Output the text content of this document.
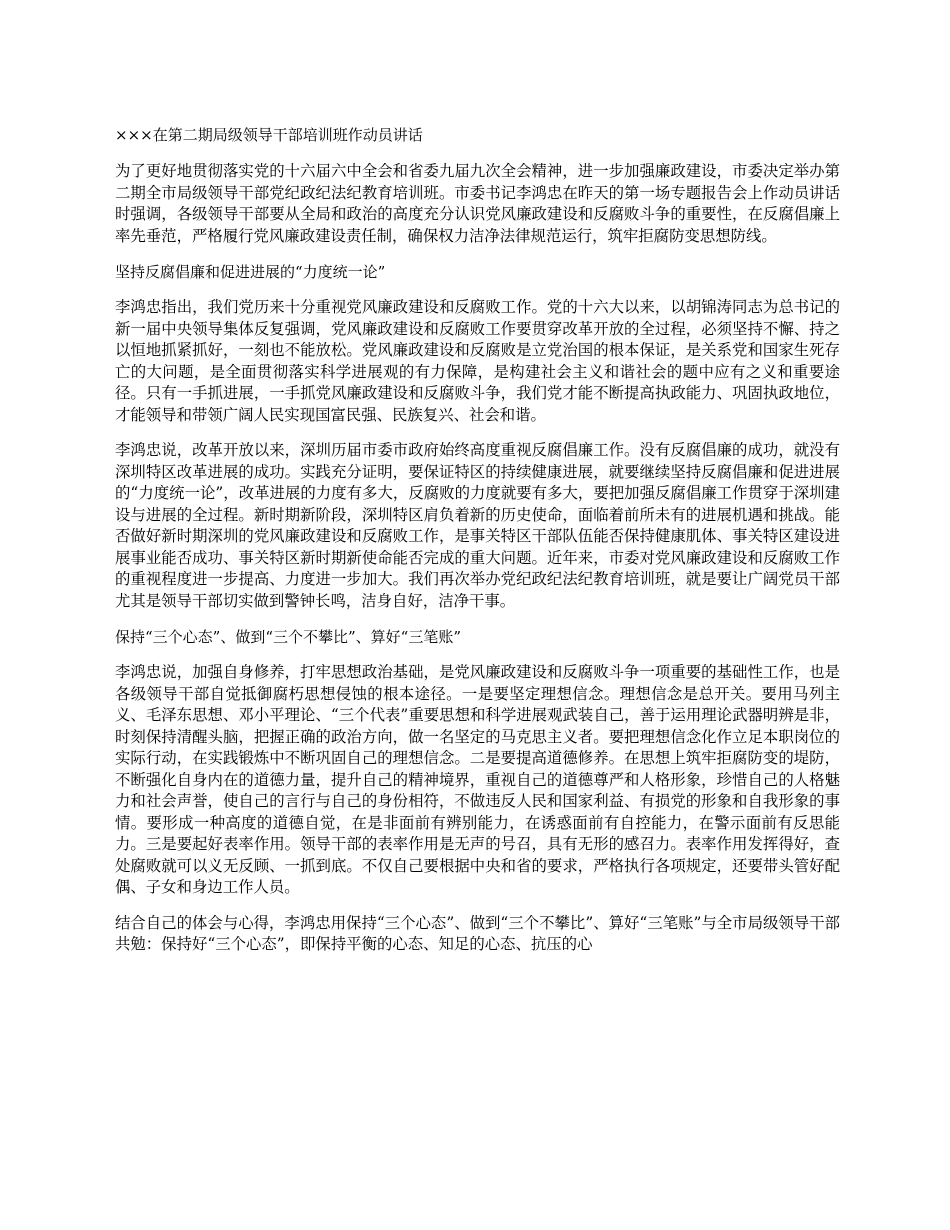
×××在第二期局级领导干部培训班作动员讲话

为了更好地贯彻落实党的十六届六中全会和省委九届九次全会精神，进一步加强廉政建设，市委决定举办第二期全市局级领导干部党纪政纪法纪教育培训班。市委书记李鸿忠在昨天的第一场专题报告会上作动员讲话时强调，各级领导干部要从全局和政治的高度充分认识党风廉政建设和反腐败斗争的重要性，在反腐倡廉上率先垂范，严格履行党风廉政建设责任制，确保权力洁净法律规范运行，筑牢拒腐防变思想防线。

坚持反腐倡廉和促进进展的“力度统一论”

李鸿忠指出，我们党历来十分重视党风廉政建设和反腐败工作。党的十六大以来，以胡锦涛同志为总书记的新一届中央领导集体反复强调，党风廉政建设和反腐败工作要贯穿改革开放的全过程，必须坚持不懈、持之以恒地抓紧抓好，一刻也不能放松。党风廉政建设和反腐败是立党治国的根本保证，是关系党和国家生死存亡的大问题，是全面贯彻落实科学进展观的有力保障，是构建社会主义和谐社会的题中应有之义和重要途径。只有一手抓进展，一手抓党风廉政建设和反腐败斗争，我们党才能不断提高执政能力、巩固执政地位，才能领导和带领广阔人民实现国富民强、民族复兴、社会和谐。

李鸿忠说，改革开放以来，深圳历届市委市政府始终高度重视反腐倡廉工作。没有反腐倡廉的成功，就没有深圳特区改革进展的成功。实践充分证明，要保证特区的持续健康进展，就要继续坚持反腐倡廉和促进进展的“力度统一论”，改革进展的力度有多大，反腐败的力度就要有多大，要把加强反腐倡廉工作贯穿于深圳建设与进展的全过程。新时期新阶段，深圳特区肩负着新的历史使命，面临着前所未有的进展机遇和挑战。能否做好新时期深圳的党风廉政建设和反腐败工作，是事关特区干部队伍能否保持健康肌体、事关特区建设进展事业能否成功、事关特区新时期新使命能否完成的重大问题。近年来，市委对党风廉政建设和反腐败工作的重视程度进一步提高、力度进一步加大。我们再次举办党纪政纪法纪教育培训班，就是要让广阔党员干部尤其是领导干部切实做到警钟长鸣，洁身自好，洁净干事。

保持“三个心态”、做到“三个不攀比”、算好“三笔账”

李鸿忠说，加强自身修养，打牢思想政治基础，是党风廉政建设和反腐败斗争一项重要的基础性工作，也是各级领导干部自觉抵御腐朽思想侵蚀的根本途径。一是要坚定理想信念。理想信念是总开关。要用马列主义、毛泽东思想、邓小平理论、“三个代表”重要思想和科学进展观武装自己，善于运用理论武器明辨是非，时刻保持清醒头脑，把握正确的政治方向，做一名坚定的马克思主义者。要把理想信念化作立足本职岗位的实际行动，在实践锻炼中不断巩固自己的理想信念。二是要提高道德修养。在思想上筑牢拒腐防变的堤防，不断强化自身内在的道德力量，提升自己的精神境界，重视自己的道德尊严和人格形象，珍惜自己的人格魅力和社会声誉，使自己的言行与自己的身份相符，不做违反人民和国家利益、有损党的形象和自我形象的事情。要形成一种高度的道德自觉，在是非面前有辨别能力，在诱惑面前有自控能力，在警示面前有反思能力。三是要起好表率作用。领导干部的表率作用是无声的号召，具有无形的感召力。表率作用发挥得好，查处腐败就可以义无反顾、一抓到底。不仅自己要根据中央和省的要求，严格执行各项规定，还要带头管好配偶、子女和身边工作人员。

结合自己的体会与心得，李鸿忠用保持“三个心态”、做到“三个不攀比”、算好“三笔账”与全市局级领导干部共勉：保持好“三个心态”，即保持平衡的心态、知足的心态、抗压的心
